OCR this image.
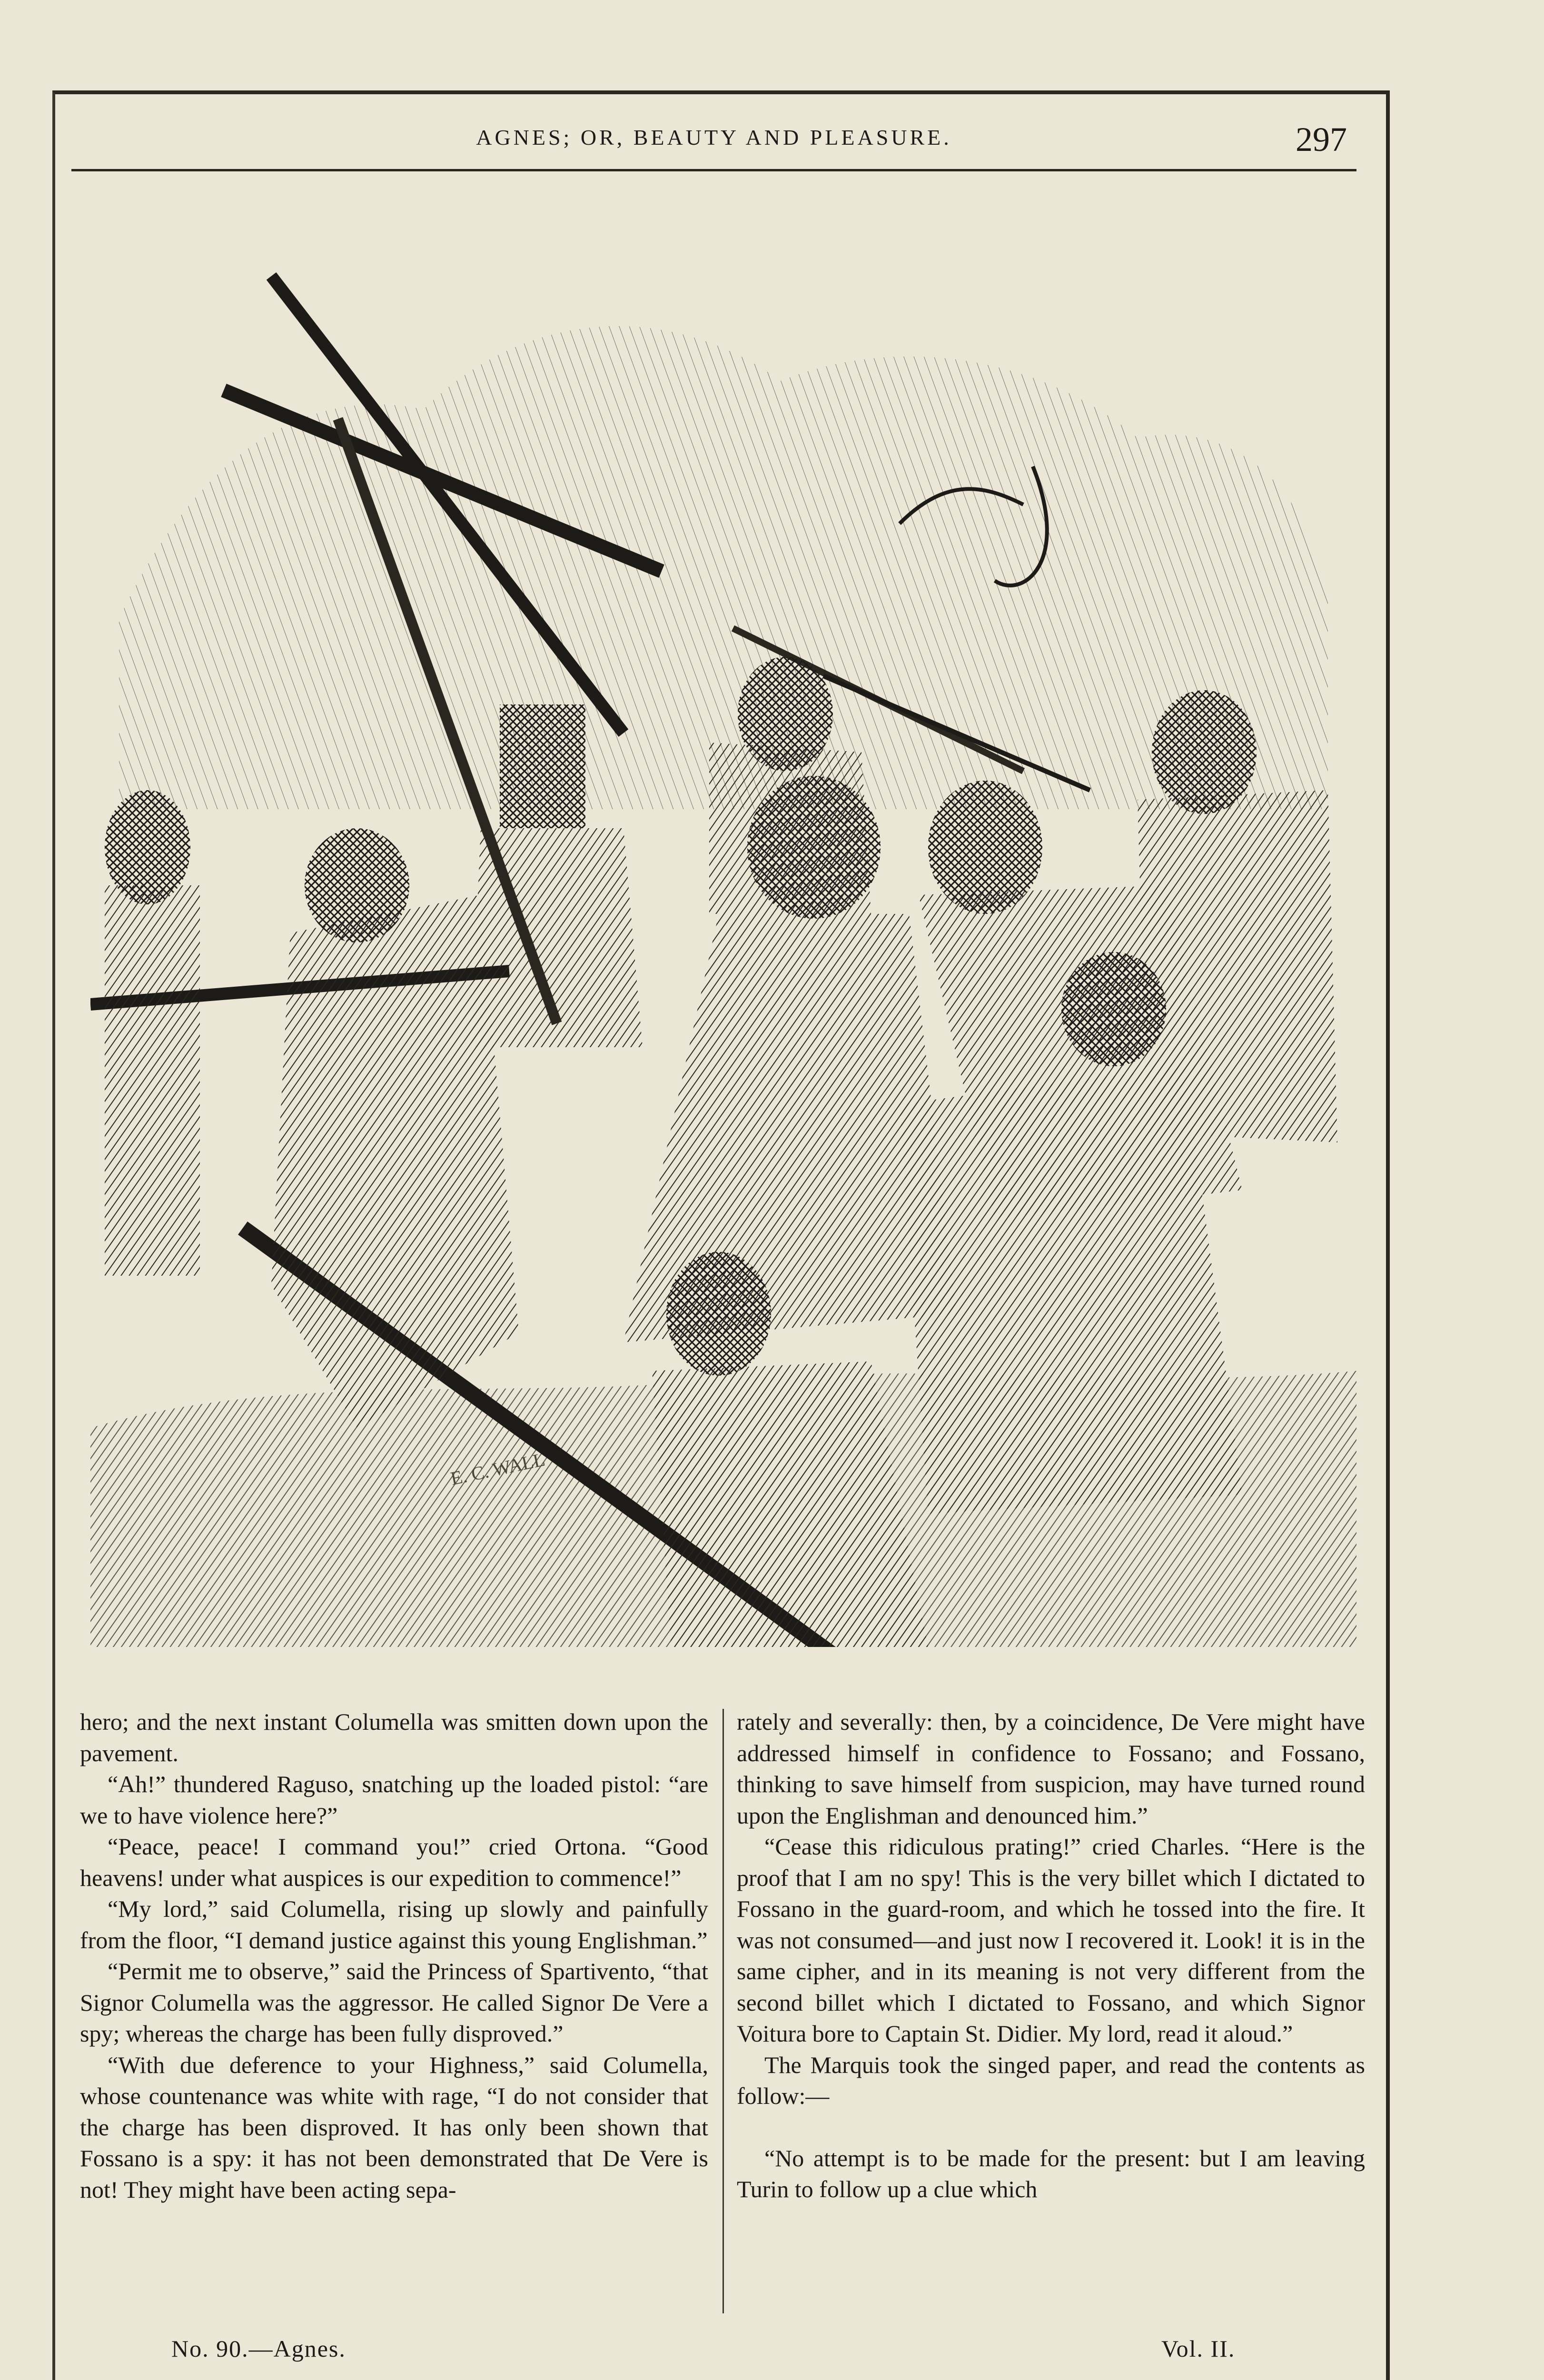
AGNES; OR, BEAUTY AND PLEASURE.	297
E. C. WALL

hero; and the next instant Columella was smitten down upon the pavement.

“Ah!” thundered Raguso, snatching up the loaded pistol: “are we to have violence here?”

“Peace, peace! I command you!” cried Ortona. “Good heavens! under what auspices is our expedition to commence!”

“My lord,” said Columella, rising up slowly and painfully from the floor, “I demand justice against this young Englishman.”

“Permit me to observe,” said the Princess of Spartivento, “that Signor Columella was the aggressor. He called Signor De Vere a spy; whereas the charge has been fully disproved.”

“With due deference to your Highness,” said Columella, whose countenance was white with rage, “I do not consider that the charge has been disproved. It has only been shown that Fossano is a spy: it has not been demonstrated that De Vere is not! They might have been acting sepa-

rately and severally: then, by a coincidence, De Vere might have addressed himself in confidence to Fossano; and Fossano, thinking to save himself from suspicion, may have turned round upon the Englishman and denounced him.”

“Cease this ridiculous prating!” cried Charles. “Here is the proof that I am no spy! This is the very billet which I dictated to Fossano in the guard-room, and which he tossed into the fire. It was not consumed—and just now I recovered it. Look! it is in the same cipher, and in its meaning is not very different from the second billet which I dictated to Fossano, and which Signor Voitura bore to Captain St. Didier. My lord, read it aloud.”

The Marquis took the singed paper, and read the contents as follow:—

“No attempt is to be made for the present: but I am leaving Turin to follow up a clue which

No. 90.—Agnes.	Vol. II.
